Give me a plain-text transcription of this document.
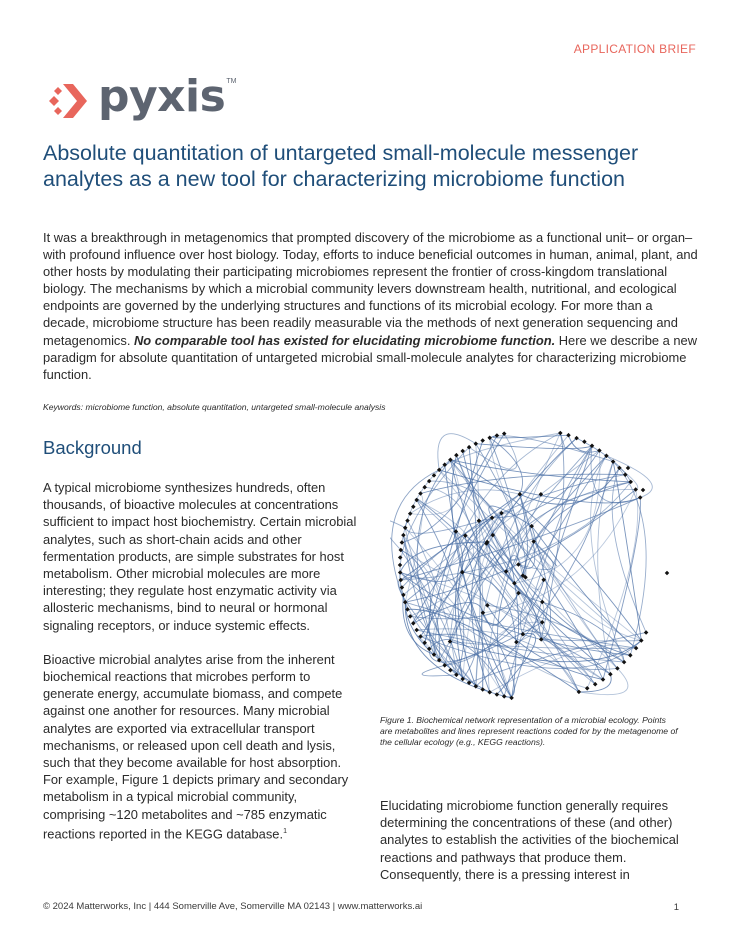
APPLICATION BRIEF
pyxis TM
Absolute quantitation of untargeted small-molecule messenger analytes as a new tool for characterizing microbiome function

It was a breakthrough in metagenomics that prompted discovery of the microbiome as a functional unit– or organ– with profound influence over host biology. Today, efforts to induce beneficial outcomes in human, animal, plant, and other hosts by modulating their participating microbiomes represent the frontier of cross-kingdom translational biology. The mechanisms by which a microbial community levers downstream health, nutritional, and ecological endpoints are governed by the underlying structures and functions of its microbial ecology. For more than a decade, microbiome structure has been readily measurable via the methods of next generation sequencing and metagenomics. No comparable tool has existed for elucidating microbiome function. Here we describe a new paradigm for absolute quantitation of untargeted microbial small-molecule analytes for characterizing microbiome function.

Keywords: microbiome function, absolute quantitation, untargeted small-molecule analysis
Background

A typical microbiome synthesizes hundreds, often thousands, of bioactive molecules at concentrations sufficient to impact host biochemistry. Certain microbial analytes, such as short-chain acids and other fermentation products, are simple substrates for host metabolism. Other microbial molecules are more interesting; they regulate host enzymatic activity via allosteric mechanisms, bind to neural or hormonal signaling receptors, or induce systemic effects.

Bioactive microbial analytes arise from the inherent biochemical reactions that microbes perform to generate energy, accumulate biomass, and compete against one another for resources. Many microbial analytes are exported via extracellular transport mechanisms, or released upon cell death and lysis, such that they become available for host absorption. For example, Figure 1 depicts primary and secondary metabolism in a typical microbial community, comprising ~120 metabolites and ~785 enzymatic reactions reported in the KEGG database.$^1$

Figure 1. Biochemical network representation of a microbial ecology. Points are metabolites and lines represent reactions coded for by the metagenome of the cellular ecology (e.g., KEGG reactions).

Elucidating microbiome function generally requires determining the concentrations of these (and other) analytes to establish the activities of the biochemical reactions and pathways that produce them. Consequently, there is a pressing interest in

© 2024 Matterworks, Inc | 444 Somerville Ave, Somerville MA 02143 | www.matterworks.ai	1
